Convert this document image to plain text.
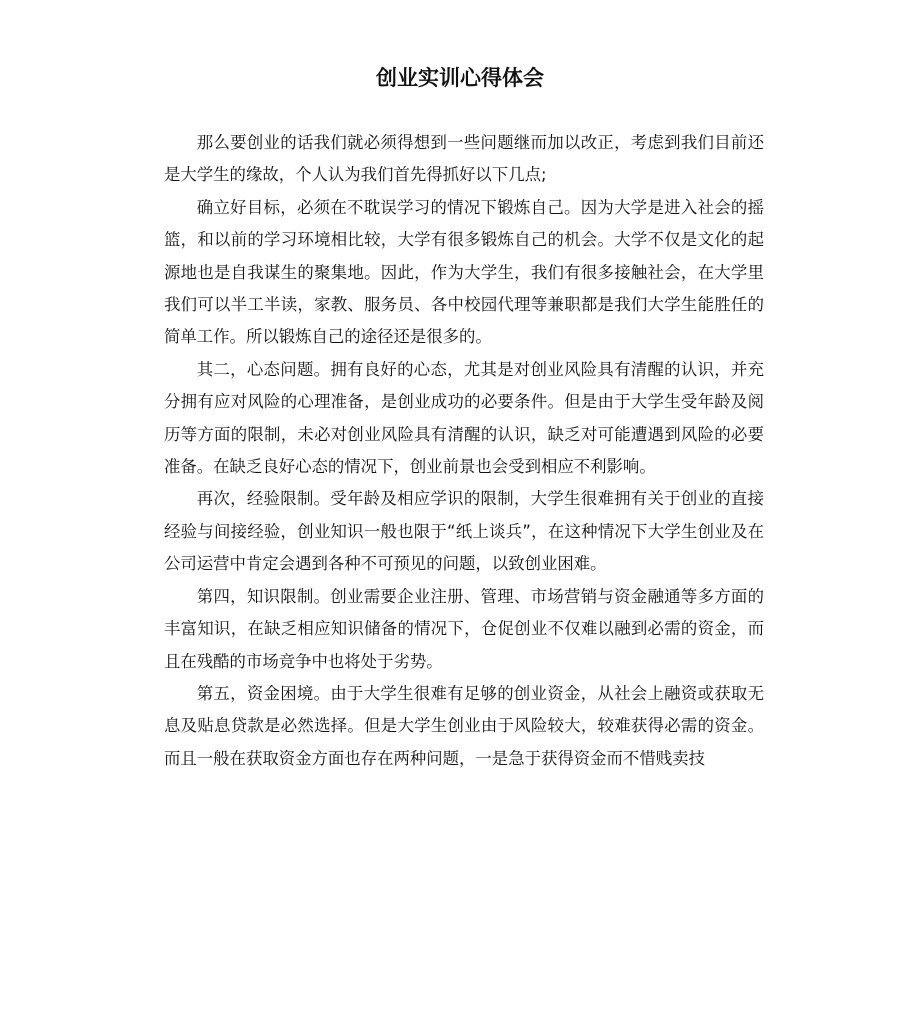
创业实训心得体会

那么要创业的话我们就必须得想到一些问题继而加以改正，考虑到我们目前还是大学生的缘故，个人认为我们首先得抓好以下几点;

确立好目标，必须在不耽误学习的情况下锻炼自己。因为大学是进入社会的摇篮，和以前的学习环境相比较，大学有很多锻炼自己的机会。大学不仅是文化的起源地也是自我谋生的聚集地。因此，作为大学生，我们有很多接触社会，在大学里我们可以半工半读，家教、服务员、各中校园代理等兼职都是我们大学生能胜任的简单工作。所以锻炼自己的途径还是很多的。

其二，心态问题。拥有良好的心态，尤其是对创业风险具有清醒的认识，并充分拥有应对风险的心理准备，是创业成功的必要条件。但是由于大学生受年龄及阅历等方面的限制，未必对创业风险具有清醒的认识，缺乏对可能遭遇到风险的必要准备。在缺乏良好心态的情况下，创业前景也会受到相应不利影响。

再次，经验限制。受年龄及相应学识的限制，大学生很难拥有关于创业的直接经验与间接经验，创业知识一般也限于“纸上谈兵”，在这种情况下大学生创业及在公司运营中肯定会遇到各种不可预见的问题，以致创业困难。

第四，知识限制。创业需要企业注册、管理、市场营销与资金融通等多方面的丰富知识，在缺乏相应知识储备的情况下，仓促创业不仅难以融到必需的资金，而且在残酷的市场竞争中也将处于劣势。

第五，资金困境。由于大学生很难有足够的创业资金，从社会上融资或获取无息及贴息贷款是必然选择。但是大学生创业由于风险较大，较难获得必需的资金。而且一般在获取资金方面也存在两种问题，一是急于获得资金而不惜贱卖技
